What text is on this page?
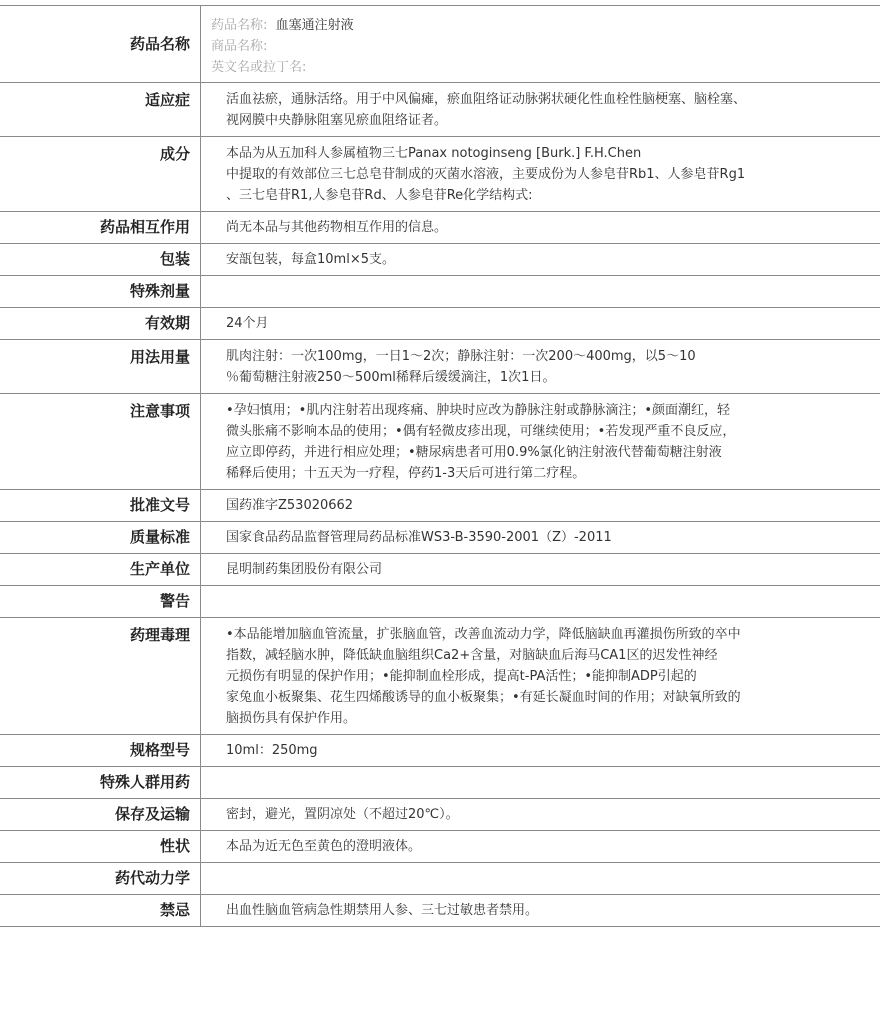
药品名称	药品名称: 血塞通注射液
商品名称:
英文名或拉丁名:

适应症	活血祛瘀，通脉活络。用于中风偏瘫，瘀血阻络证动脉粥状硬化性血栓性脑梗塞、脑栓塞、
视网膜中央静脉阻塞见瘀血阻络证者。

成分	本品为从五加科人参属植物三七Panax notoginseng [Burk.] F.H.Chen
中提取的有效部位三七总皂苷制成的灭菌水溶液，主要成份为人参皂苷Rb1、人参皂苷Rg1
、三七皂苷R1,人参皂苷Rd、人参皂苷Re化学结构式:

药品相互作用	尚无本品与其他药物相互作用的信息。

包装	安瓿包装，每盒10ml×5支。

特殊剂量	

有效期	24个月

用法用量	肌肉注射：一次100mg，一日1～2次；静脉注射：一次200～400mg，以5～10
％葡萄糖注射液250～500ml稀释后缓缓滴注，1次1日。

注意事项	•孕妇慎用；•肌内注射若出现疼痛、肿块时应改为静脉注射或静脉滴注；•颜面潮红，轻
微头胀痛不影响本品的使用；•偶有轻微皮疹出现，可继续使用；•若发现严重不良反应，
应立即停药，并进行相应处理；•糖尿病患者可用0.9%氯化钠注射液代替葡萄糖注射液
稀释后使用；十五天为一疗程，停药1-3天后可进行第二疗程。

批准文号	国药准字Z53020662

质量标准	国家食品药品监督管理局药品标准WS3-B-3590-2001（Z）-2011

生产单位	昆明制药集团股份有限公司

警告	

药理毒理	•本品能增加脑血管流量，扩张脑血管，改善血流动力学，降低脑缺血再灌损伤所致的卒中
指数，减轻脑水肿，降低缺血脑组织Ca2+含量，对脑缺血后海马CA1区的迟发性神经
元损伤有明显的保护作用；•能抑制血栓形成，提高t-PA活性；•能抑制ADP引起的
家兔血小板聚集、花生四烯酸诱导的血小板聚集；•有延长凝血时间的作用；对缺氧所致的
脑损伤具有保护作用。

规格型号	10ml：250mg

特殊人群用药	

保存及运输	密封，避光，置阴凉处（不超过20℃）。

性状	本品为近无色至黄色的澄明液体。

药代动力学	

禁忌	出血性脑血管病急性期禁用人参、三七过敏患者禁用。
